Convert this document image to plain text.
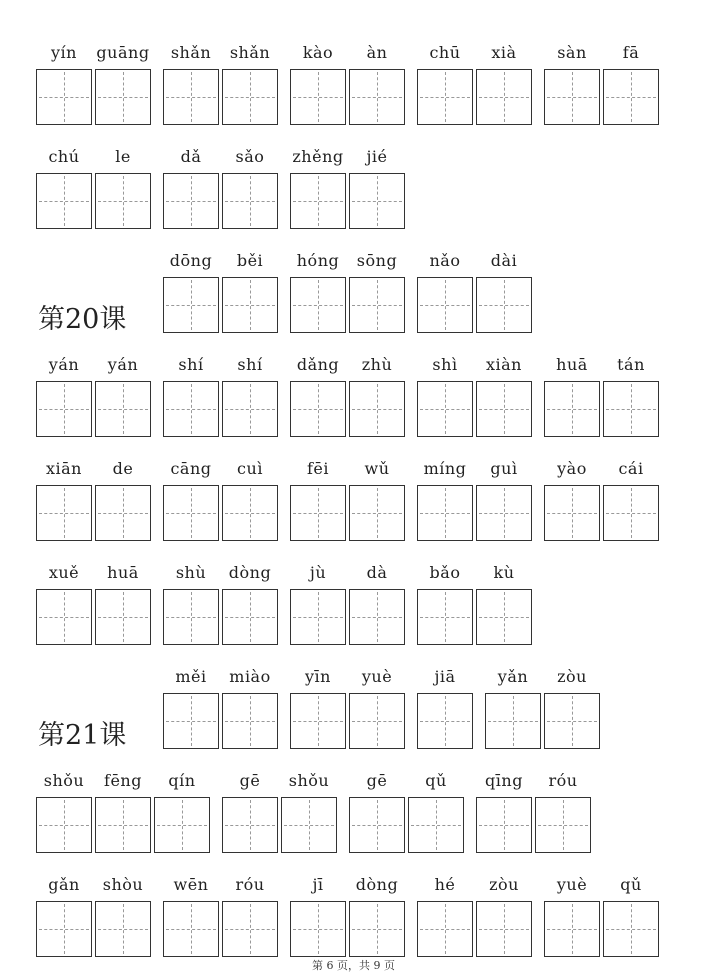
yín	guāng	shǎn	shǎn	kào	àn	chū	xià	sàn	fā
chú	le	dǎ	sǎo	zhěng	jié
第20课
dōng	běi	hóng	sōng	nǎo	dài
yán	yán	shí	shí	dǎng	zhù	shì	xiàn	huā	tán
xiān	de	cāng	cuì	fēi	wǔ	míng	guì	yào	cái
xuě	huā	shù	dòng	jù	dà	bǎo	kù
第21课
měi	miào	yīn	yuè	jiā	yǎn	zòu
shǒu	fēng	qín	gē	shǒu	gē	qǔ	qīng	róu
gǎn	shòu	wēn	róu	jī	dòng	hé	zòu	yuè	qǔ
第 6 页，共 9 页
